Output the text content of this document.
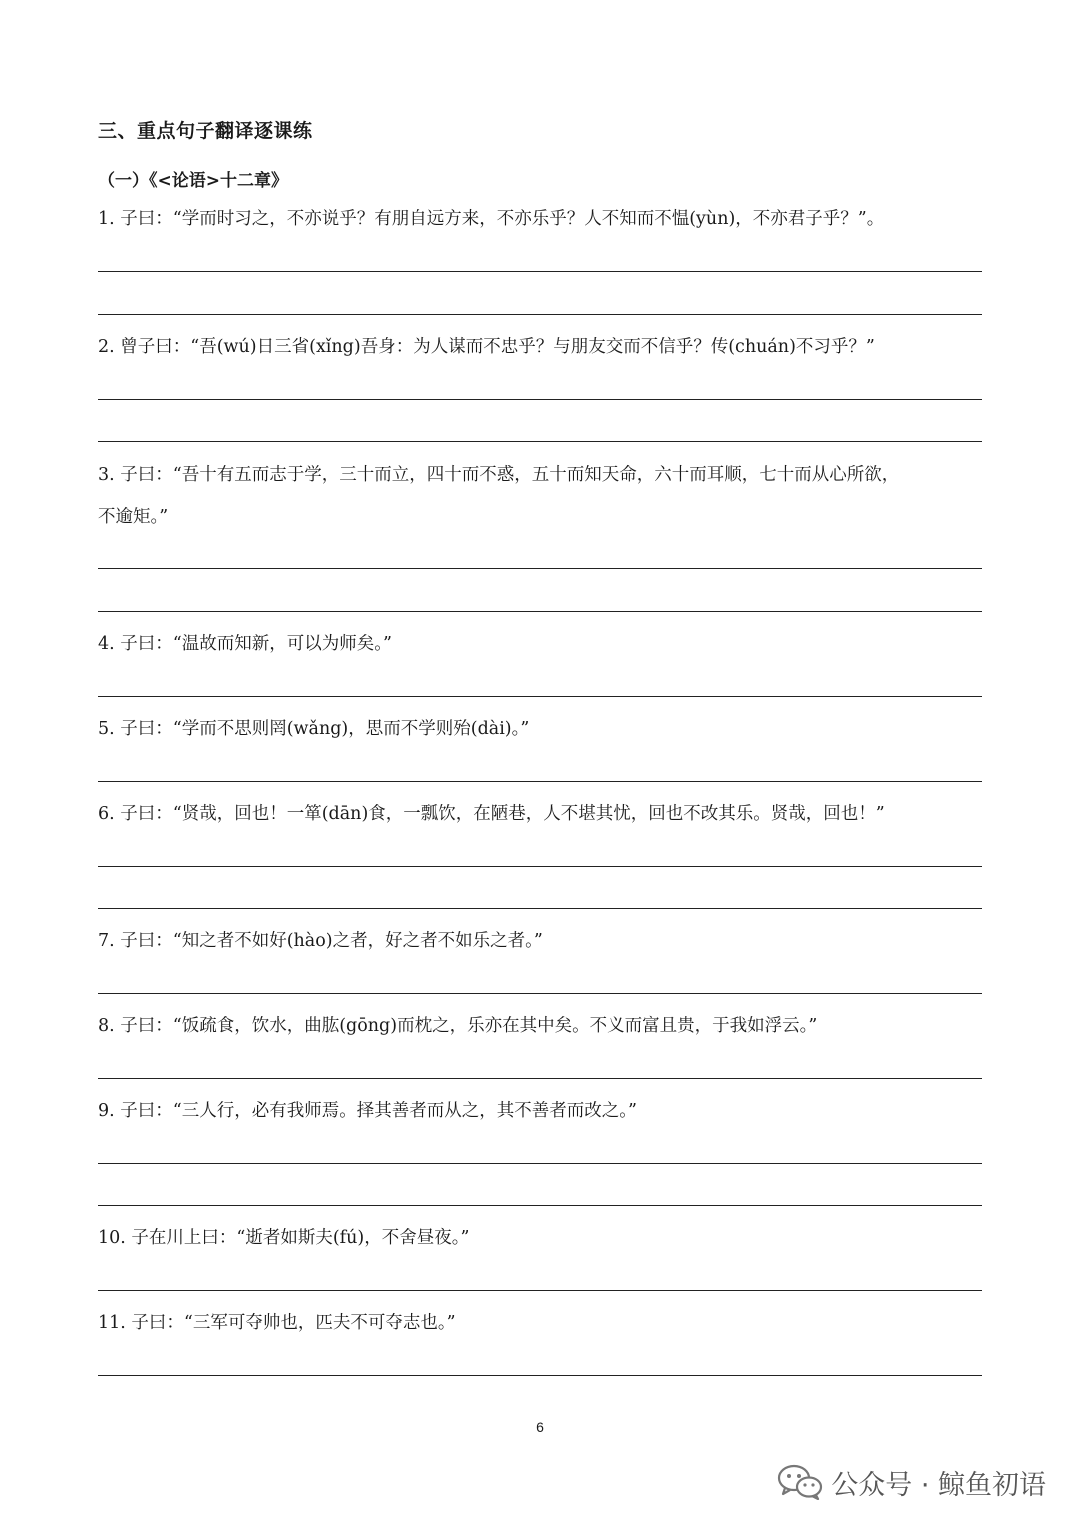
三、重点句子翻译逐课练
（一）《<论语>十二章》
1. 子曰：“学而时习之，不亦说乎？有朋自远方来，不亦乐乎？人不知而不愠(yùn)，不亦君子乎？”。
2. 曾子曰：“吾(wú)日三省(xǐng)吾身：为人谋而不忠乎？与朋友交而不信乎？传(chuán)不习乎？”
3. 子曰：“吾十有五而志于学，三十而立，四十而不惑，五十而知天命，六十而耳顺，七十而从心所欲，
不逾矩。”
4. 子曰：“温故而知新，可以为师矣。”
5. 子曰：“学而不思则罔(wǎng)，思而不学则殆(dài)。”
6. 子曰：“贤哉，回也！一箪(dān)食，一瓢饮，在陋巷，人不堪其忧，回也不改其乐。贤哉，回也！”
7. 子曰：“知之者不如好(hào)之者，好之者不如乐之者。”
8. 子曰：“饭疏食，饮水，曲肱(gōng)而枕之，乐亦在其中矣。不义而富且贵，于我如浮云。”
9. 子曰：“三人行，必有我师焉。择其善者而从之，其不善者而改之。”
10. 子在川上曰：“逝者如斯夫(fú)，不舍昼夜。”
11. 子曰：“三军可夺帅也，匹夫不可夺志也。”
6
公众号 · 鲸鱼初语
